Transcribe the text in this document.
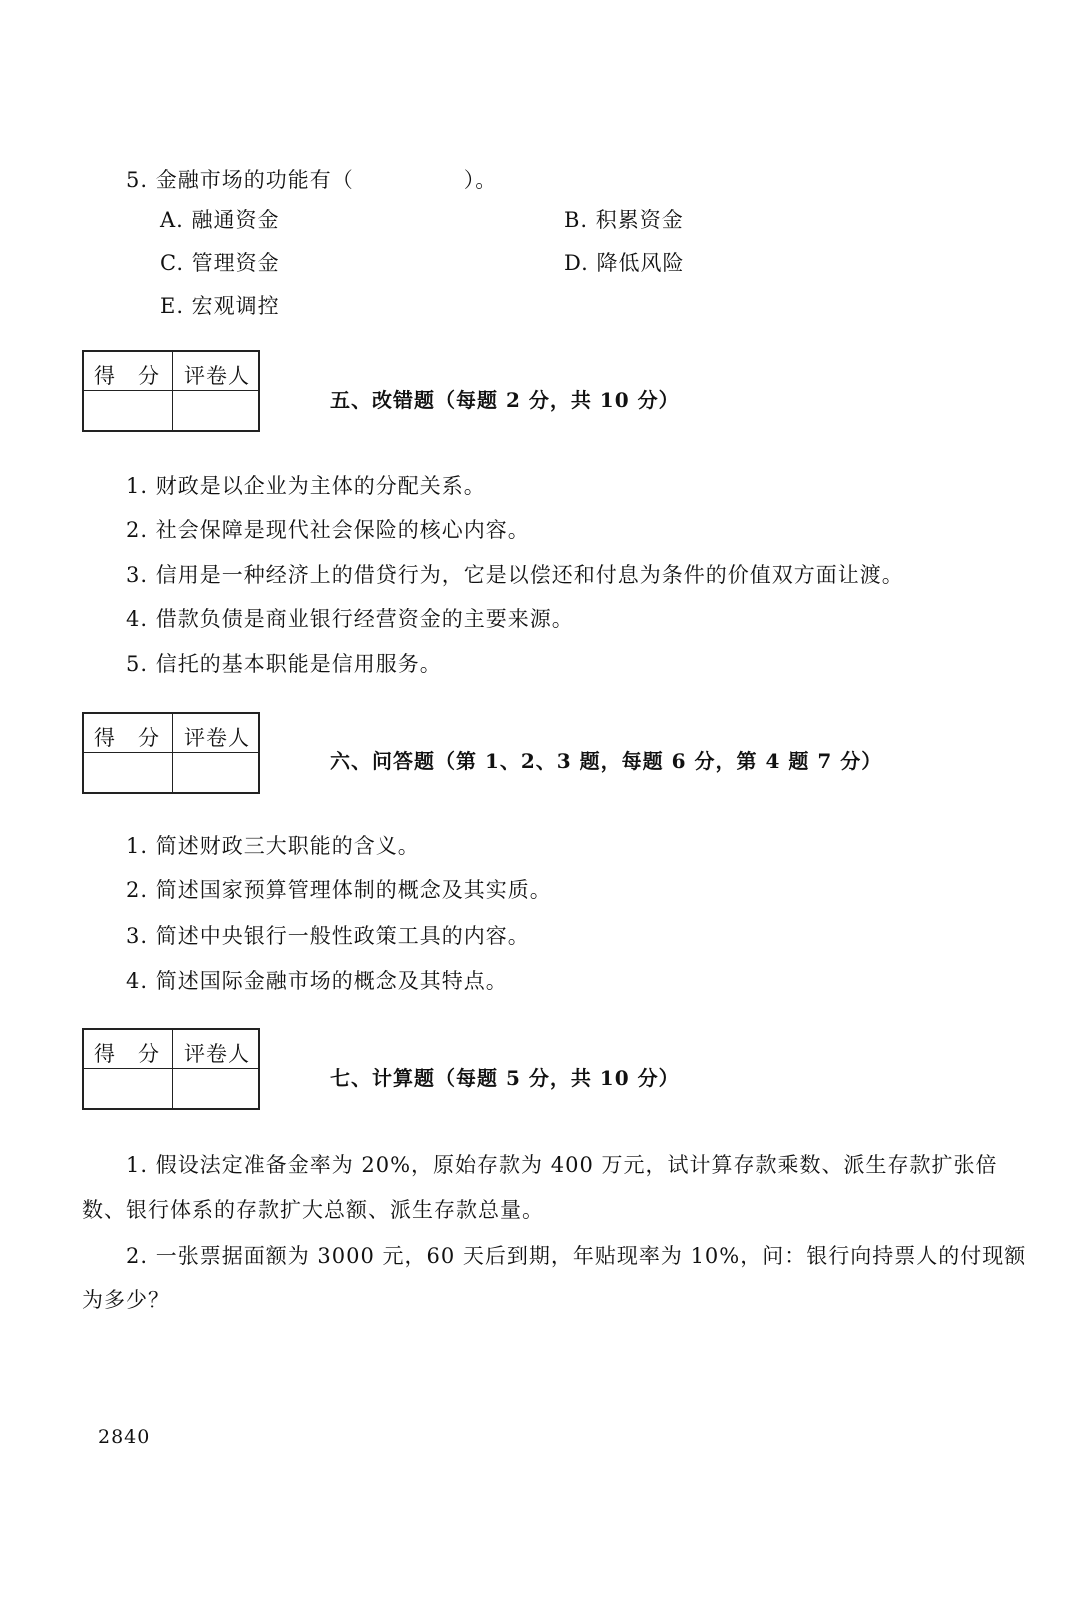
5. 金融市场的功能有（　　　　　）。
A. 融通资金	B. 积累资金
C. 管理资金	D. 降低风险
E. 宏观调控
得 分 评卷人
五、改错题（每题 2 分，共 10 分）
1. 财政是以企业为主体的分配关系。
2. 社会保障是现代社会保险的核心内容。
3. 信用是一种经济上的借贷行为，它是以偿还和付息为条件的价值双方面让渡。
4. 借款负债是商业银行经营资金的主要来源。
5. 信托的基本职能是信用服务。
得 分 评卷人
六、问答题（第 1、2、3 题，每题 6 分，第 4 题 7 分）
1. 简述财政三大职能的含义。
2. 简述国家预算管理体制的概念及其实质。
3. 简述中央银行一般性政策工具的内容。
4. 简述国际金融市场的概念及其特点。
得 分 评卷人
七、计算题（每题 5 分，共 10 分）
1. 假设法定准备金率为 20%，原始存款为 400 万元，试计算存款乘数、派生存款扩张倍
数、银行体系的存款扩大总额、派生存款总量。
2. 一张票据面额为 3000 元，60 天后到期，年贴现率为 10%，问：银行向持票人的付现额
为多少？
2840
